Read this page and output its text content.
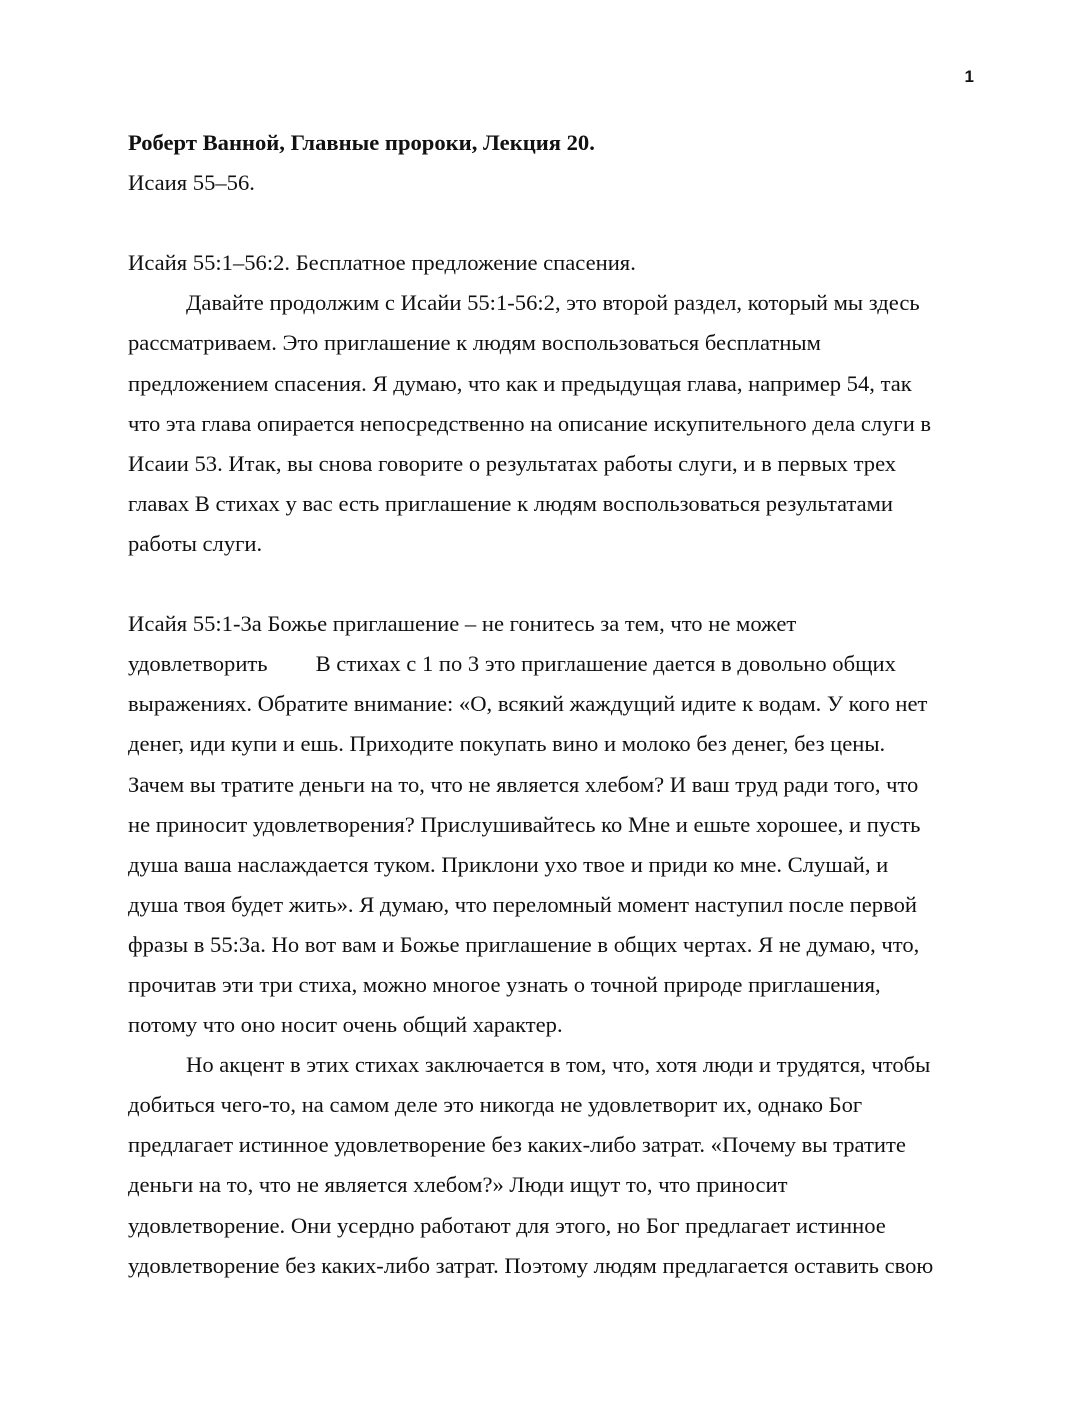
1

Роберт Ванной, Главные пророки, Лекция 20.

Исаия 55–56.

Исайя 55:1–56:2. Бесплатное предложение спасения.

Давайте продолжим с Исайи 55:1-56:2, это второй раздел, который мы здесь

рассматриваем. Это приглашение к людям воспользоваться бесплатным

предложением спасения. Я думаю, что как и предыдущая глава, например 54, так

что эта глава опирается непосредственно на описание искупительного дела слуги в

Исаии 53. Итак, вы снова говорите о результатах работы слуги, и в первых трех

главах В стихах у вас есть приглашение к людям воспользоваться результатами

работы слуги.

Исайя 55:1-3а Божье приглашение – не гонитесь за тем, что не может

удовлетворить В стихах с 1 по 3 это приглашение дается в довольно общих

выражениях. Обратите внимание: «О, всякий жаждущий идите к водам. У кого нет

денег, иди купи и ешь. Приходите покупать вино и молоко без денег, без цены.

Зачем вы тратите деньги на то, что не является хлебом? И ваш труд ради того, что

не приносит удовлетворения? Прислушивайтесь ко Мне и ешьте хорошее, и пусть

душа ваша наслаждается туком. Приклони ухо твое и приди ко мне. Слушай, и

душа твоя будет жить». Я думаю, что переломный момент наступил после первой

фразы в 55:3а. Но вот вам и Божье приглашение в общих чертах. Я не думаю, что,

прочитав эти три стиха, можно многое узнать о точной природе приглашения,

потому что оно носит очень общий характер.

Но акцент в этих стихах заключается в том, что, хотя люди и трудятся, чтобы

добиться чего-то, на самом деле это никогда не удовлетворит их, однако Бог

предлагает истинное удовлетворение без каких-либо затрат. «Почему вы тратите

деньги на то, что не является хлебом?» Люди ищут то, что приносит

удовлетворение. Они усердно работают для этого, но Бог предлагает истинное

удовлетворение без каких-либо затрат. Поэтому людям предлагается оставить свою
